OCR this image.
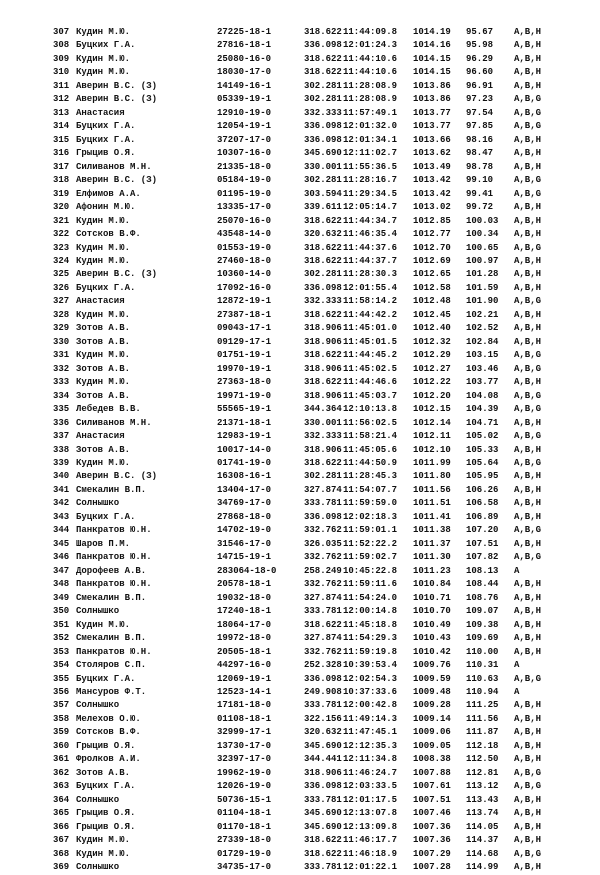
307 Кудин М.Ю.	27225-18-1	318.622 11:44:09.8 1014.19 95.67 A,B,H
308 Буцких Г.А.	27816-18-1	336.098 12:01:24.3 1014.16 95.98 A,B,H
309 Кудин М.Ю.	25080-16-0	318.622 11:44:10.6 1014.15 96.29 A,B,H
310 Кудин М.Ю.	18030-17-0	318.622 11:44:10.6 1014.15 96.60 A,B,H
311 Аверин В.С. (З)	14149-16-1	302.281 11:28:08.9 1013.86 96.91 A,B,H
312 Аверин В.С. (З)	05339-19-1	302.281 11:28:08.9 1013.86 97.23 A,B,G
313 Анастасия	12910-19-0	332.333 11:57:49.1 1013.77 97.54 A,B,G
314 Буцких Г.А.	12054-19-1	336.098 12:01:32.0 1013.77 97.85 A,B,G
315 Буцких Г.А.	37207-17-0	336.098 12:01:34.1 1013.66 98.16 A,B,H
316 Грыцив О.Я.	10307-16-0	345.690 12:11:02.7 1013.62 98.47 A,B,H
317 Силиванов М.Н.	21335-18-0	330.001 11:55:36.5 1013.49 98.78 A,B,H
318 Аверин В.С. (З)	05184-19-0	302.281 11:28:16.7 1013.42 99.10 A,B,G
319 Елфимов А.А.	01195-19-0	303.594 11:29:34.5 1013.42 99.41 A,B,G
320 Афонин М.Ю.	13335-17-0	339.611 12:05:14.7 1013.02 99.72 A,B,H
321 Кудин М.Ю.	25070-16-0	318.622 11:44:34.7 1012.85 100.03 A,B,H
322 Сотсков В.Ф.	43548-14-0	320.632 11:46:35.4 1012.77 100.34 A,B,H
323 Кудин М.Ю.	01553-19-0	318.622 11:44:37.6 1012.70 100.65 A,B,G
324 Кудин М.Ю.	27460-18-0	318.622 11:44:37.7 1012.69 100.97 A,B,H
325 Аверин В.С. (З)	10360-14-0	302.281 11:28:30.3 1012.65 101.28 A,B,H
326 Буцких Г.А.	17092-16-0	336.098 12:01:55.4 1012.58 101.59 A,B,H
327 Анастасия	12872-19-1	332.333 11:58:14.2 1012.48 101.90 A,B,G
328 Кудин М.Ю.	27387-18-1	318.622 11:44:42.2 1012.45 102.21 A,B,H
329 Зотов А.В.	09043-17-1	318.906 11:45:01.0 1012.40 102.52 A,B,H
330 Зотов А.В.	09129-17-1	318.906 11:45:01.5 1012.32 102.84 A,B,H
331 Кудин М.Ю.	01751-19-1	318.622 11:44:45.2 1012.29 103.15 A,B,G
332 Зотов А.В.	19970-19-1	318.906 11:45:02.5 1012.27 103.46 A,B,G
333 Кудин М.Ю.	27363-18-0	318.622 11:44:46.6 1012.22 103.77 A,B,H
334 Зотов А.В.	19971-19-0	318.906 11:45:03.7 1012.20 104.08 A,B,G
335 Лебедев В.В.	55565-19-1	344.364 12:10:13.8 1012.15 104.39 A,B,G
336 Силиванов М.Н.	21371-18-1	330.001 11:56:02.5 1012.14 104.71 A,B,H
337 Анастасия	12983-19-1	332.333 11:58:21.4 1012.11 105.02 A,B,G
338 Зотов А.В.	10017-14-0	318.906 11:45:05.6 1012.10 105.33 A,B,H
339 Кудин М.Ю.	01741-19-0	318.622 11:44:50.9 1011.99 105.64 A,B,G
340 Аверин В.С. (З)	16308-16-1	302.281 11:28:45.3 1011.80 105.95 A,B,H
341 Смекалин В.П.	13404-17-0	327.874 11:54:07.7 1011.56 106.26 A,B,H
342 Солнышко	34769-17-0	333.781 11:59:59.0 1011.51 106.58 A,B,H
343 Буцких Г.А.	27868-18-0	336.098 12:02:18.3 1011.41 106.89 A,B,H
344 Панкратов Ю.Н.	14702-19-0	332.762 11:59:01.1 1011.38 107.20 A,B,G
345 Шаров П.М.	31546-17-0	326.035 11:52:22.2 1011.37 107.51 A,B,H
346 Панкратов Ю.Н.	14715-19-1	332.762 11:59:02.7 1011.30 107.82 A,B,G
347 Дорофеев А.В.	283064-18-0	258.249 10:45:22.8 1011.23 108.13 A
348 Панкратов Ю.Н.	20578-18-1	332.762 11:59:11.6 1010.84 108.44 A,B,H
349 Смекалин В.П.	19032-18-0	327.874 11:54:24.0 1010.71 108.76 A,B,H
350 Солнышко	17240-18-1	333.781 12:00:14.8 1010.70 109.07 A,B,H
351 Кудин М.Ю.	18064-17-0	318.622 11:45:18.8 1010.49 109.38 A,B,H
352 Смекалин В.П.	19972-18-0	327.874 11:54:29.3 1010.43 109.69 A,B,H
353 Панкратов Ю.Н.	20505-18-1	332.762 11:59:19.8 1010.42 110.00 A,B,H
354 Столяров С.П.	44297-16-0	252.328 10:39:53.4 1009.76 110.31 A
355 Буцких Г.А.	12069-19-1	336.098 12:02:54.3 1009.59 110.63 A,B,G
356 Мансуров Ф.Т.	12523-14-1	249.908 10:37:33.6 1009.48 110.94 A
357 Солнышко	17181-18-0	333.781 12:00:42.8 1009.28 111.25 A,B,H
358 Мелехов О.Ю.	01108-18-1	322.156 11:49:14.3 1009.14 111.56 A,B,H
359 Сотсков В.Ф.	32999-17-1	320.632 11:47:45.1 1009.06 111.87 A,B,H
360 Грыцив О.Я.	13730-17-0	345.690 12:12:35.3 1009.05 112.18 A,B,H
361 Фролков А.И.	32397-17-0	344.441 12:11:34.8 1008.38 112.50 A,B,H
362 Зотов А.В.	19962-19-0	318.906 11:46:24.7 1007.88 112.81 A,B,G
363 Буцких Г.А.	12026-19-0	336.098 12:03:33.5 1007.61 113.12 A,B,G
364 Солнышко	50736-15-1	333.781 12:01:17.5 1007.51 113.43 A,B,H
365 Грыцив О.Я.	01104-18-1	345.690 12:13:07.8 1007.46 113.74 A,B,H
366 Грыцив О.Я.	01170-18-1	345.690 12:13:09.8 1007.36 114.05 A,B,H
367 Кудин М.Ю.	27339-18-0	318.622 11:46:17.7 1007.36 114.37 A,B,H
368 Кудин М.Ю.	01729-19-0	318.622 11:46:18.9 1007.29 114.68 A,B,G
369 Солнышко	34735-17-0	333.781 12:01:22.1 1007.28 114.99 A,B,H
